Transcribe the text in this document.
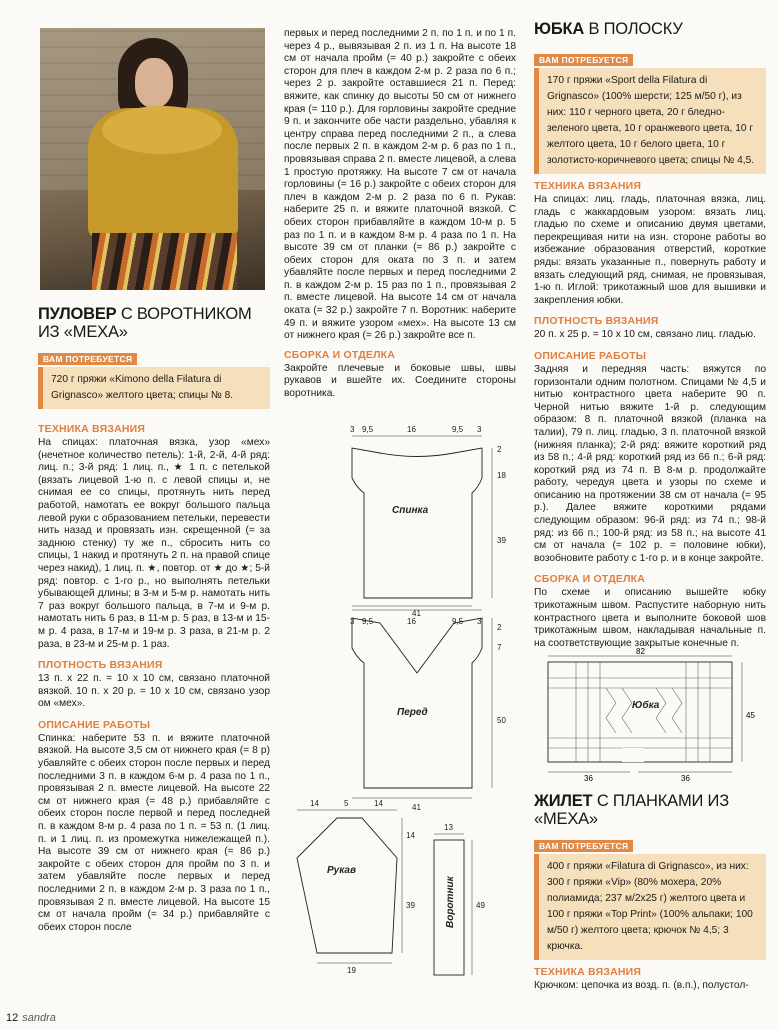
ПУЛОВЕР С ВОРОТНИКОМ ИЗ «МЕХА»
ВАМ ПОТРЕБУЕТСЯ
720 г пряжи «Kimono della Filatura di Grignasco» желтого цвета; спицы № 8.
ТЕХНИКА ВЯЗАНИЯ

На спицах: платочная вязка, узор «мех» (нечетное количество петель): 1-й, 2-й, 4-й ряд: лиц. п.; 3-й ряд: 1 лиц. п., ★ 1 п. с петелькой (вязать лицевой 1-ю п. с левой спицы и, не снимая ее со спицы, протянуть нить перед работой, намотать ее вокруг большого пальца левой руки с образованием петельки, перевести нить назад и провязать изн. скрещенной (= за заднюю стенку) ту же п., сбросить нить со спицы, 1 накид и протянуть 2 п. на правой спице через накид), 1 лиц. п. ★, повтор. от ★ до ★; 5-й ряд: повтор. с 1-го р., но выполнять петельки убывающей длины; в 3-м и 5-м р. намотать нить 7 раз вокруг большого пальца, в 7-м и 9-м р. намотать нить 6 раз, в 11-м р. 5 раз, в 13-м и 15-м р. 4 раза, в 17-м и 19-м р. 3 раза, в 21-м р. 2 раза, в 23-м и 25-м р. 1 раз.

ПЛОТНОСТЬ ВЯЗАНИЯ

13 п. х 22 п. = 10 х 10 см, связано платочной вязкой. 10 п. х 20 р. = 10 х 10 см, связано узор ом «мех».

ОПИСАНИЕ РАБОТЫ

Спинка: наберите 53 п. и вяжите платочной вязкой. На высоте 3,5 см от нижнего края (= 8 р) убавляйте с обеих сторон после первых и перед последними 3 п. в каждом 6-м р. 4 раза по 1 п., провязывая 2 п. вместе лицевой. На высоте 22 см от нижнего края (= 48 р.) прибавляйте с обеих сторон после первой и перед последней п. в каждом 8-м р. 4 раза по 1 п. = 53 п. (1 лиц. п. и 1 лиц. п. из промежутка нижележащей п.). На высоте 39 см от нижнего края (= 86 р.) закройте с обеих сторон для пройм по 3 п. и затем убавляйте после первых и перед последними 2 п. в каждом 2-м р. 3 раза по 1 п., провязывая 2 п. вместе лицевой. На высоте 15 см от начала пройм (= 34 р.) прибавляйте с обеих сторон после

первых и перед последними 2 п. по 1 п. и по 1 п. через 4 р., вывязывая 2 п. из 1 п. На высоте 18 см от начала пройм (= 40 р.) закройте с обеих сторон для плеч в каждом 2-м р. 2 раза по 6 п.; через 2 р. закройте оставшиеся 21 п. Перед: вяжите, как спинку до высоты 50 см от нижнего края (= 110 р.). Для горловины закройте средние 9 п. и закончите обе части раздельно, убавляя к центру справа перед последними 2 п., а слева после первых 2 п. в каждом 2-м р. 6 раз по 1 п., провязывая справа 2 п. вместе лицевой, а слева 1 простую протяжку. На высоте 7 см от начала горловины (= 16 р.) закройте с обеих сторон для плеч в каждом 2-м р. 2 раза по 6 п. Рукав: наберите 25 п. и вяжите платочной вязкой. С обеих сторон прибавляйте в каждом 10-м р. 5 раз по 1 п. и в каждом 8-м р. 4 раза по 1 п. На высоте 39 см от планки (= 86 р.) закройте с обеих сторон для оката по 3 п. и затем убавляйте после первых и перед последними 2 п. в каждом 2-м р. 15 раз по 1 п., провязывая 2 п. вместе лицевой. На высоте 14 см от начала оката (= 32 р.) закройте 7 п. Воротник: наберите 49 п. и вяжите узором «мех». На высоте 13 см от нижнего края (= 26 р.) закройте все п.

СБОРКА И ОТДЕЛКА

Закройте плечевые и боковые швы, швы рукавов и вшейте их. Соедините стороны воротника.

3 9,5	16	9,5 3
2
18
39
41
3 9,5	16	9,5 3
2
7
50
41
14	5	14
14
39
19
13
49
Спинка
Перед
Рукав
Воротник
ЮБКА В ПОЛОСКУ
ВАМ ПОТРЕБУЕТСЯ
170 г пряжи «Sport della Filatura di Grignasco» (100% шерсти; 125 м/50 г), из них: 110 г черного цвета, 20 г бледно-зеленого цвета, 10 г оранжевого цвета, 10 г желтого цвета, 10 г белого цвета, 10 г золотисто-коричневого цвета; спицы № 4,5.
ТЕХНИКА ВЯЗАНИЯ

На спицах: лиц. гладь, платочная вязка, лиц. гладь с жаккардовым узором: вязать лиц. гладью по схеме и описанию двумя цветами, перекрещивая нити на изн. стороне работы во избежание образования отверстий, короткие ряды: вязать указанные п., повернуть работу и вязать следующий ряд, снимая, не провязывая, 1-ю п. Иглой: трикотажный шов для вышивки и закрепления юбки.

ПЛОТНОСТЬ ВЯЗАНИЯ

20 п. х 25 р. = 10 х 10 см, связано лиц. гладью.

ОПИСАНИЕ РАБОТЫ

Задняя и передняя часть: вяжутся по горизонтали одним полотном. Спицами № 4,5 и нитью контрастного цвета наберите 90 п. Черной нитью вяжите 1-й р. следующим образом: 8 п. платочной вязкой (планка на талии), 79 п. лиц. гладью, 3 п. платочной вязкой (нижняя планка); 2-й ряд: вяжите короткий ряд из 58 п.; 4-й ряд: короткий ряд из 66 п.; 6-й ряд: короткий ряд из 74 п. В 8-м р. продолжайте работу, чередуя цвета и узоры по схеме и описанию на протяжении 38 см от начала (= 95 р.). Далее вяжите короткими рядами следующим образом: 96-й ряд: из 74 п.; 98-й ряд: из 66 п.; 100-й ряд: из 58 п.; на высоте 41 см от начала (= 102 р. = половине юбки), возобновите работу с 1-го р. и в конце закройте.

СБОРКА И ОТДЕЛКА

По схеме и описанию вышейте юбку трикотажным швом. Распустите наборную нить контрастного цвета и выполните боковой шов трикотажным швом, накладывая начальные п. на соответствующие закрытые конечные п.

82
36	36
45
Юбка
ЖИЛЕТ С ПЛАНКАМИ ИЗ «МЕХА»
ВАМ ПОТРЕБУЕТСЯ
400 г пряжи «Filatura di Grignasco», из них: 300 г пряжи «Vip» (80% мохера, 20% полиамида; 237 м/2х25 г) желтого цвета и 100 г пряжи «Top Print» (100% альпаки; 100 м/50 г) желтого цвета; крючок № 4,5; 3 крючка.
ТЕХНИКА ВЯЗАНИЯ

Крючком: цепочка из возд. п. (в.п.), полустол-

12 sandra
